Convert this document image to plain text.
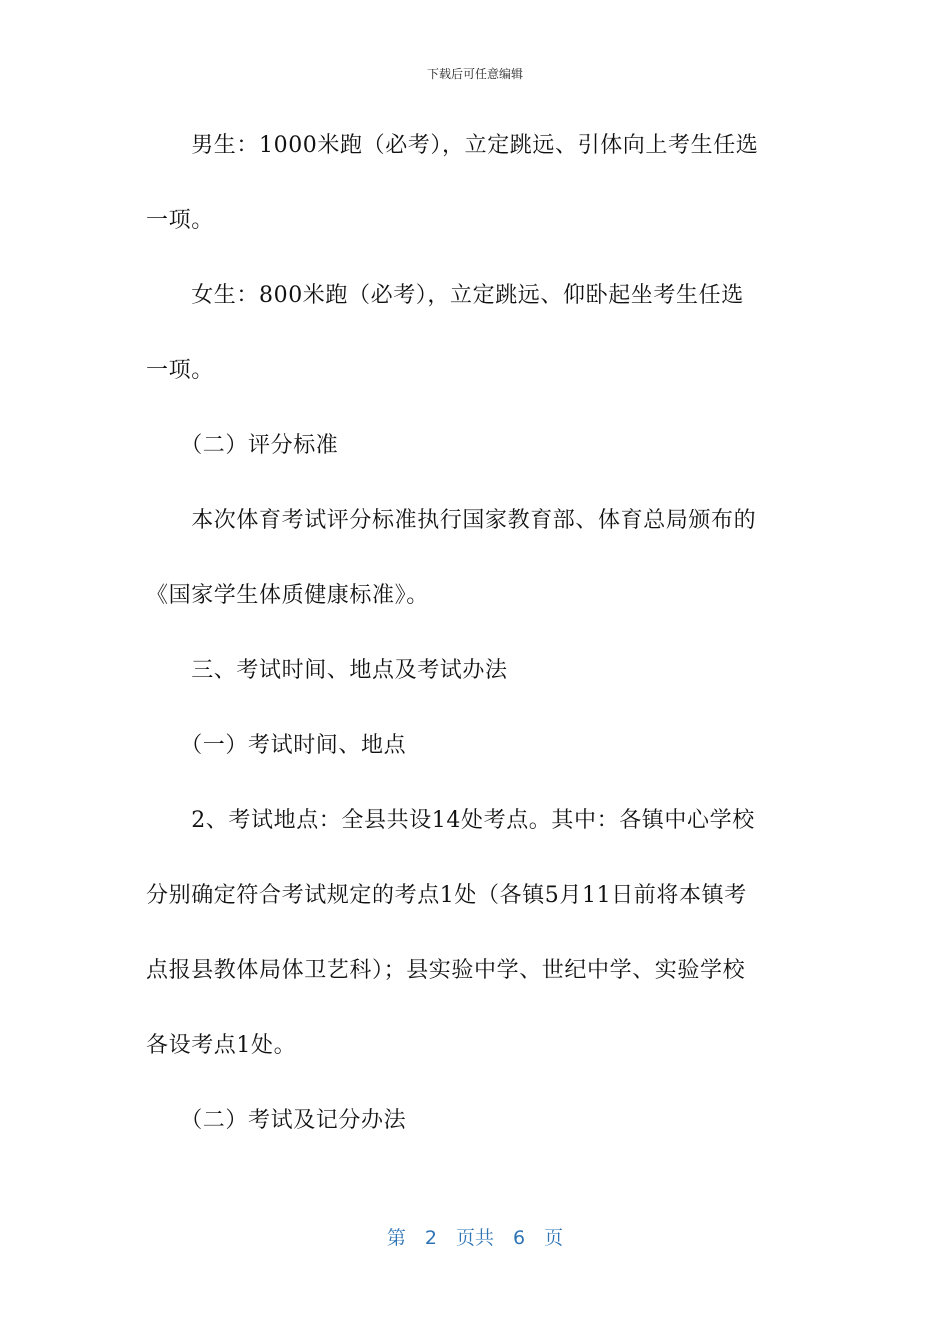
下载后可任意编辑
　　男生：1000米跑（必考），立定跳远、引体向上考生任选
一项。
　　女生：800米跑（必考），立定跳远、仰卧起坐考生任选
一项。
　　（二）评分标准
　　本次体育考试评分标准执行国家教育部、体育总局颁布的
《国家学生体质健康标准》。
　　三、考试时间、地点及考试办法
　　（一）考试时间、地点
　　2、考试地点：全县共设14处考点。其中：各镇中心学校
分别确定符合考试规定的考点1处（各镇5月11日前将本镇考
点报县教体局体卫艺科）；县实验中学、世纪中学、实验学校
各设考点1处。
　　（二）考试及记分办法
第　2　页共　6　页
